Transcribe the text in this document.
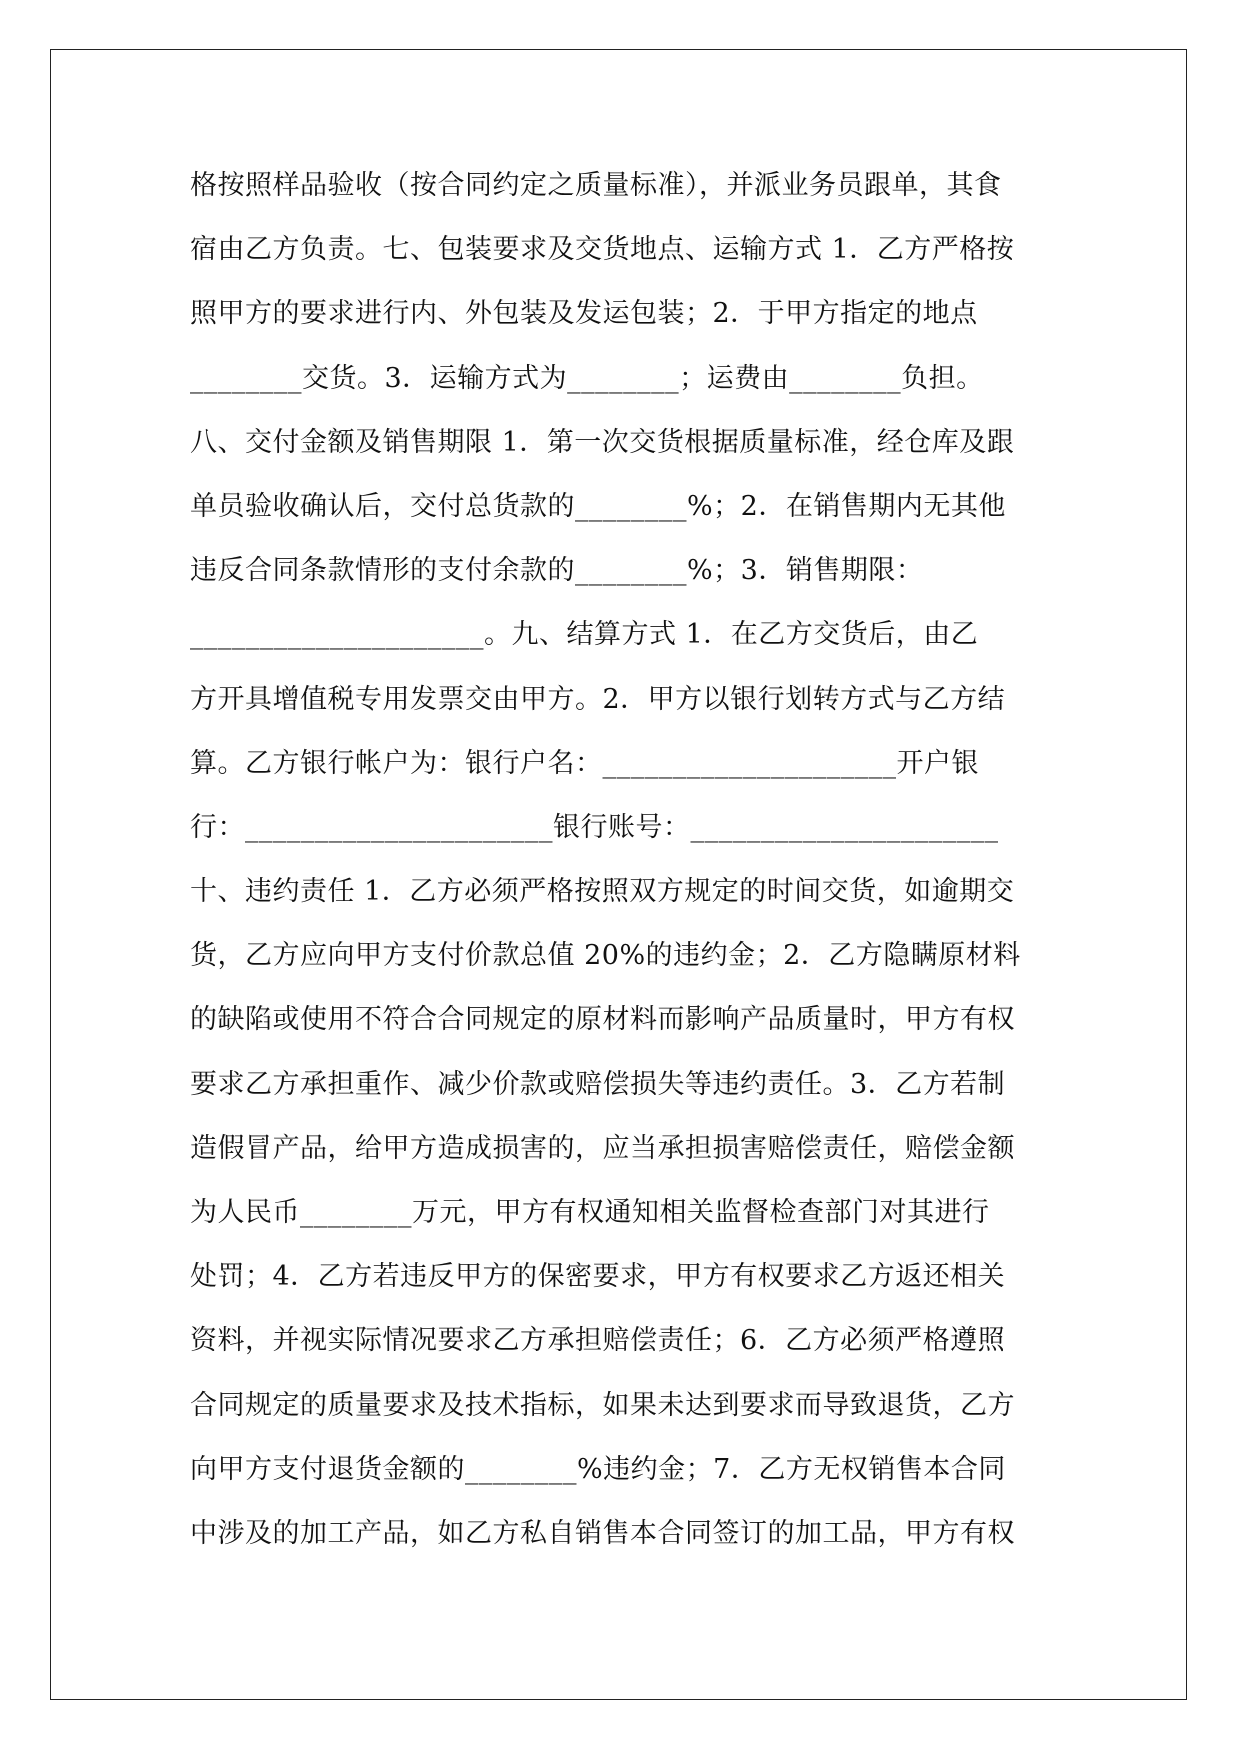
格按照样品验收（按合同约定之质量标准），并派业务员跟单，其食
宿由乙方负责。七、包装要求及交货地点、运输方式 1．乙方严格按
照甲方的要求进行内、外包装及发运包装；2．于甲方指定的地点
________交货。3．运输方式为________；运费由________负担。
八、交付金额及销售期限 1．第一次交货根据质量标准，经仓库及跟
单员验收确认后，交付总货款的________%；2．在销售期内无其他
违反合同条款情形的支付余款的________%；3．销售期限：
_____________________。九、结算方式 1．在乙方交货后，由乙
方开具增值税专用发票交由甲方。2．甲方以银行划转方式与乙方结
算。乙方银行帐户为：银行户名：_____________________开户银
行：______________________银行账号：______________________
十、违约责任 1．乙方必须严格按照双方规定的时间交货，如逾期交
货，乙方应向甲方支付价款总值 20%的违约金；2．乙方隐瞒原材料
的缺陷或使用不符合合同规定的原材料而影响产品质量时，甲方有权
要求乙方承担重作、减少价款或赔偿损失等违约责任。3．乙方若制
造假冒产品，给甲方造成损害的，应当承担损害赔偿责任，赔偿金额
为人民币________万元，甲方有权通知相关监督检查部门对其进行
处罚；4．乙方若违反甲方的保密要求，甲方有权要求乙方返还相关
资料，并视实际情况要求乙方承担赔偿责任；6．乙方必须严格遵照
合同规定的质量要求及技术指标，如果未达到要求而导致退货，乙方
向甲方支付退货金额的________%违约金；7．乙方无权销售本合同
中涉及的加工产品，如乙方私自销售本合同签订的加工品，甲方有权
